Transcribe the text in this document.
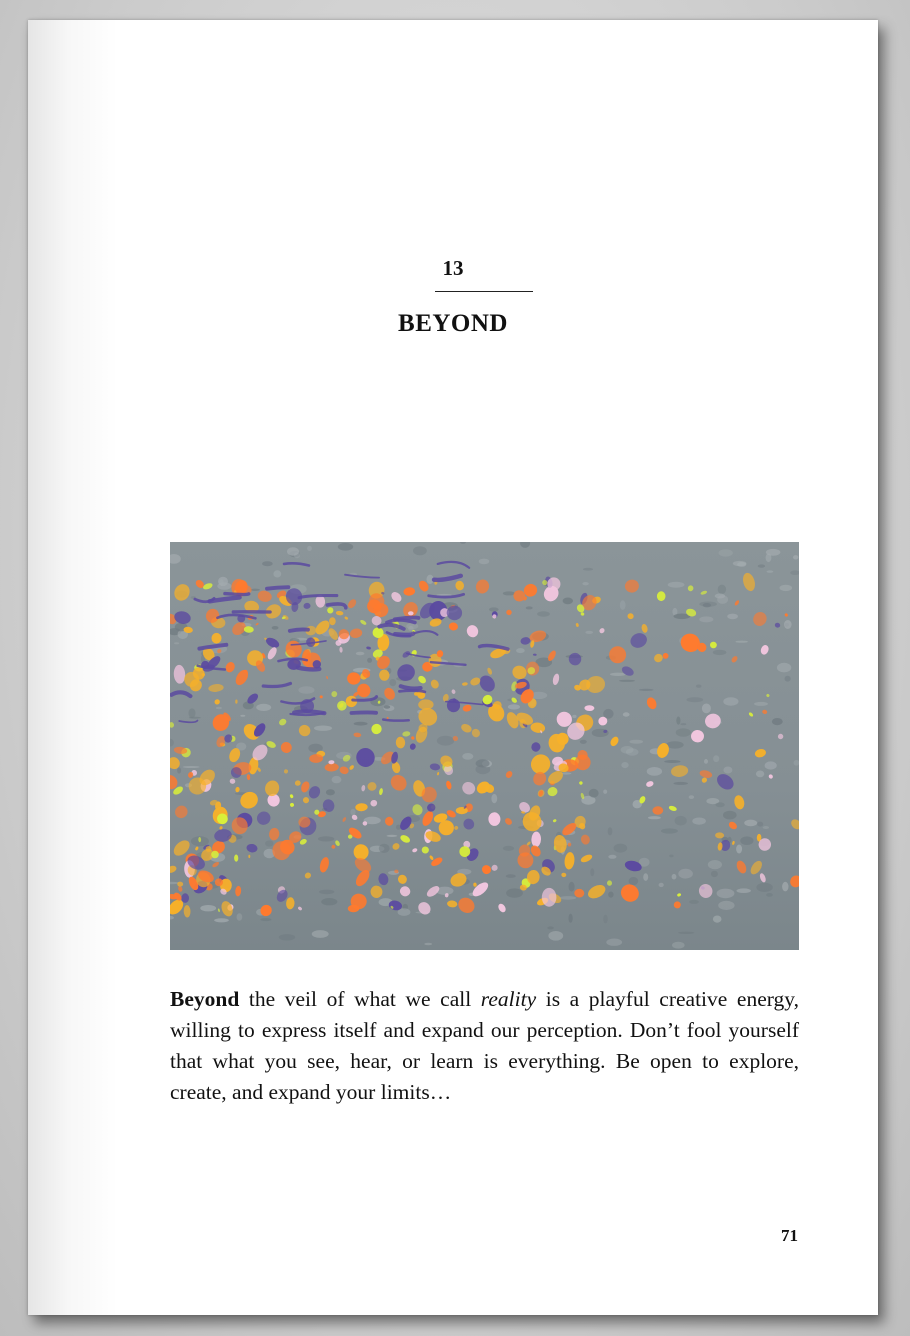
13
BEYOND

Beyond the veil of what we call reality is a playful creative energy, willing to express itself and expand our perception. Don’t fool yourself that what you see, hear, or learn is everything. Be open to explore, create, and expand your limits…

71
